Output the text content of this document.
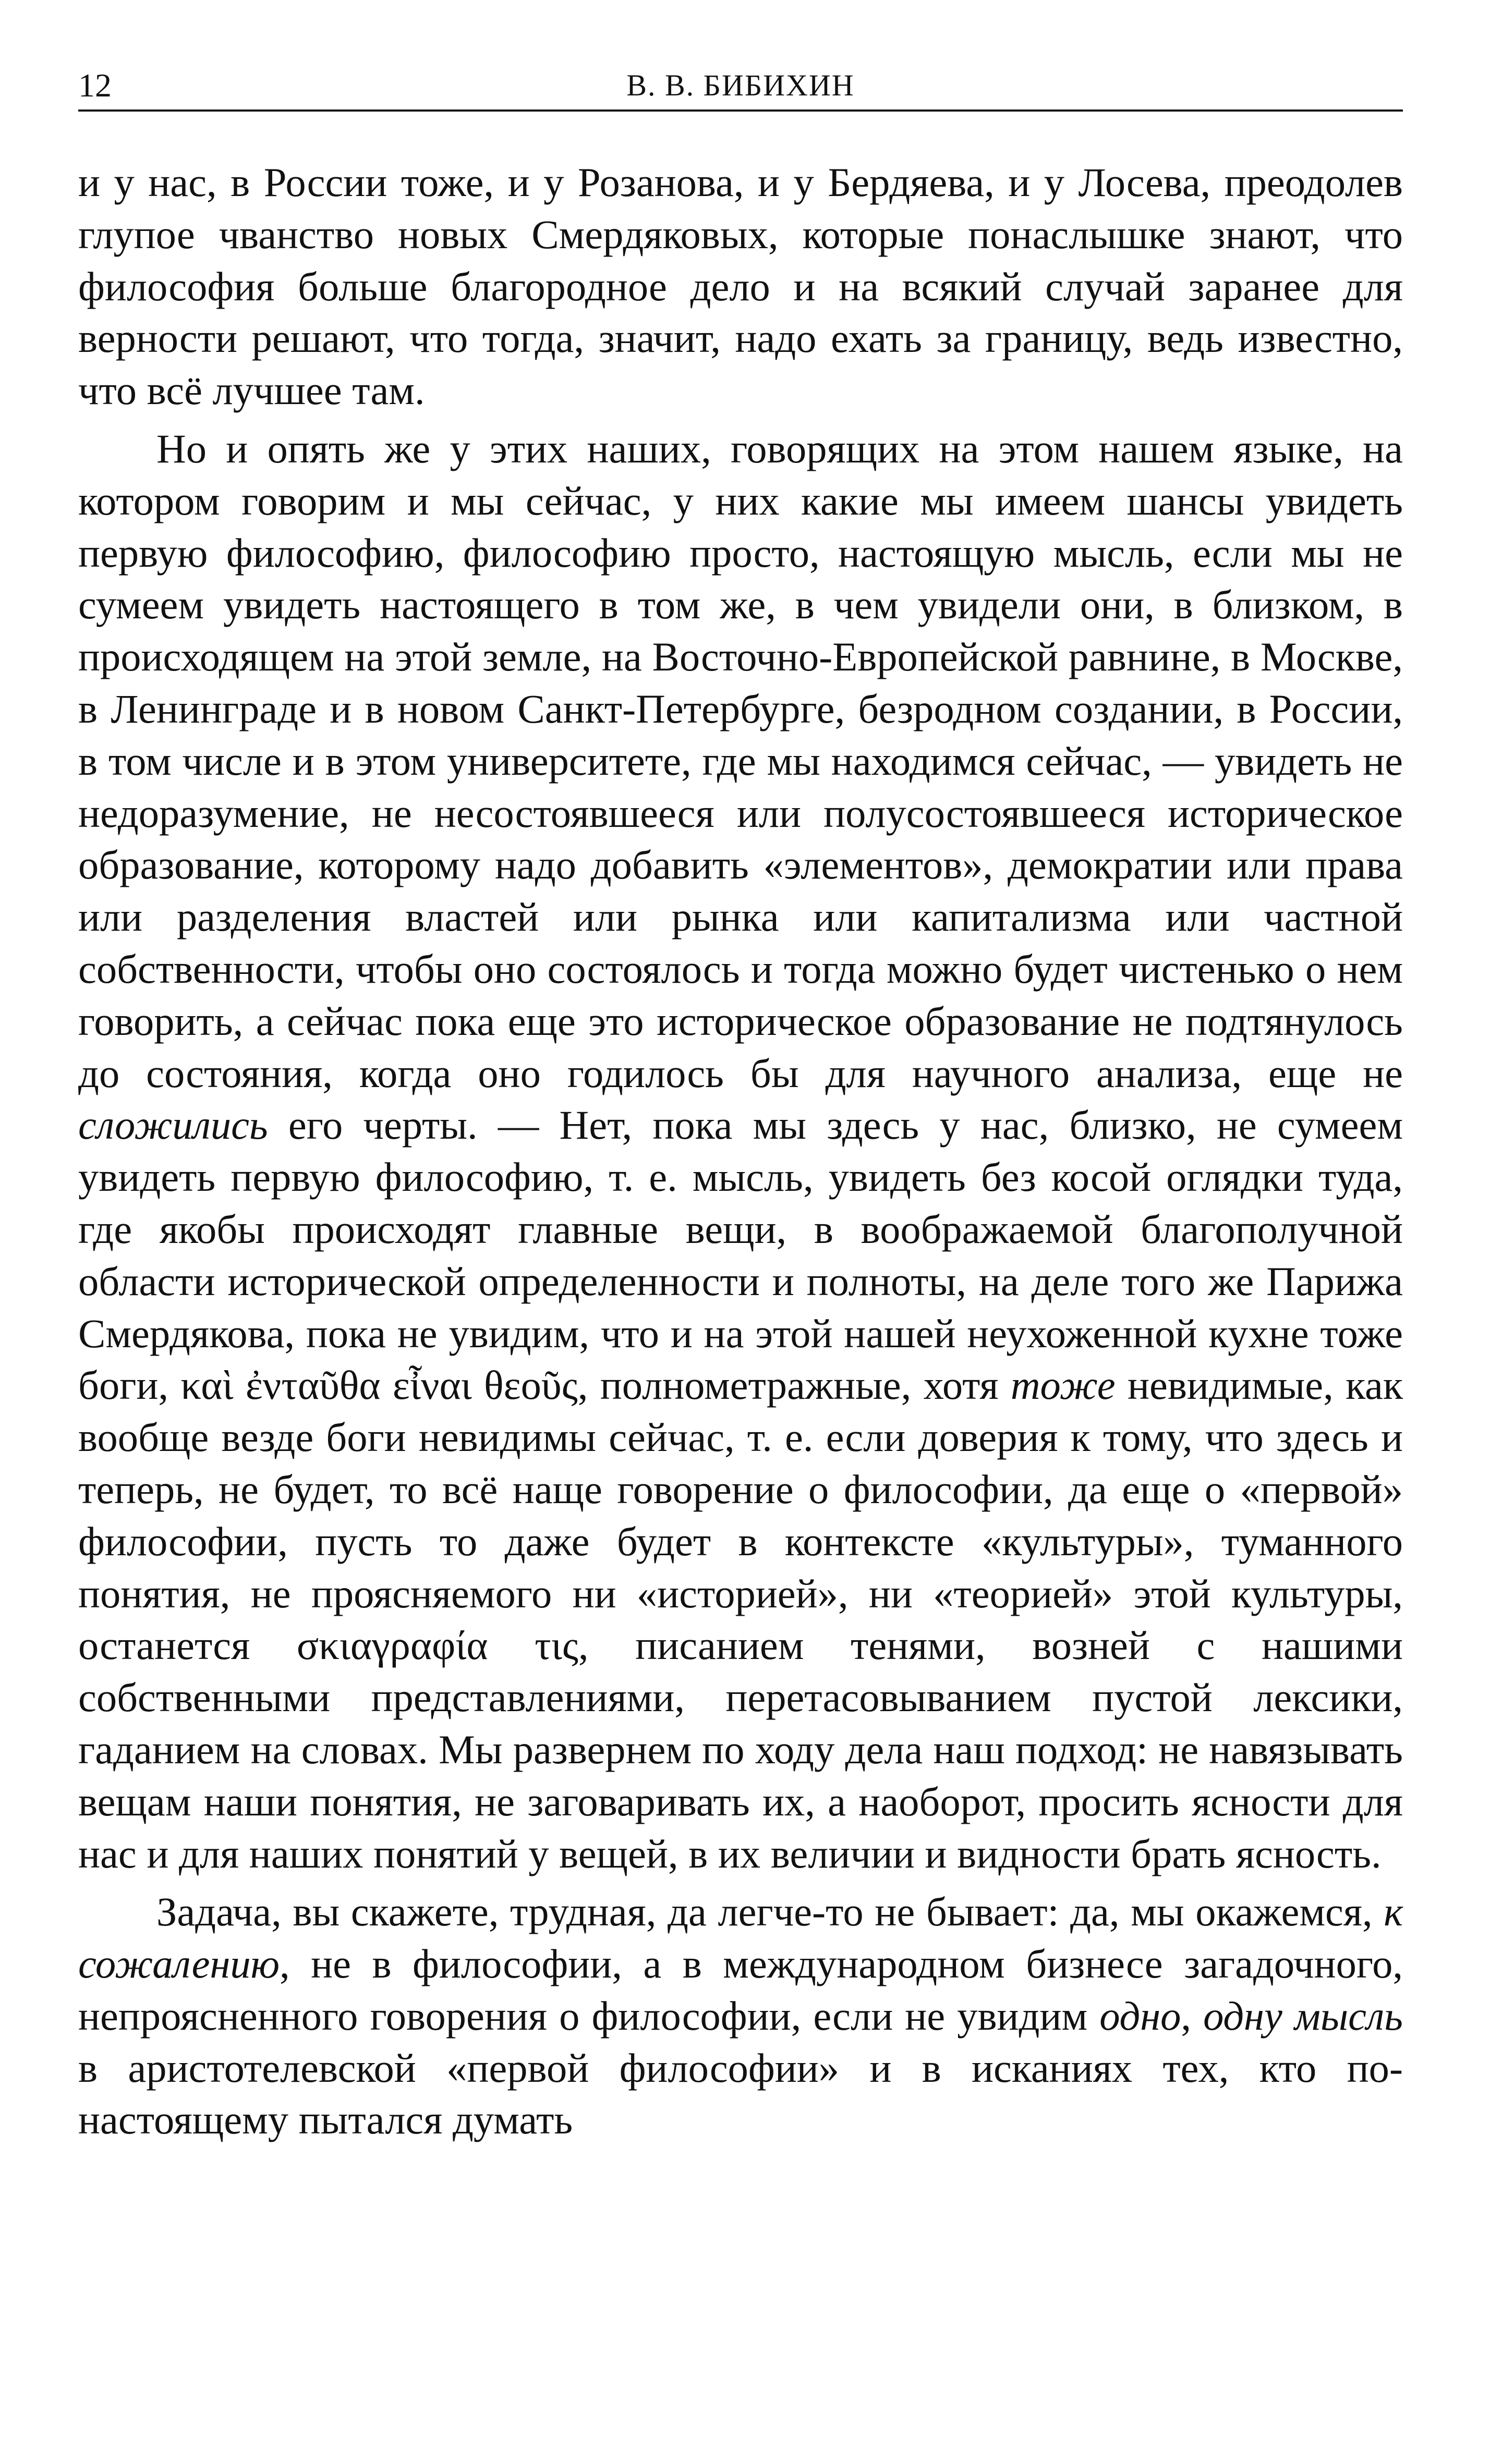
12	В. В. БИБИХИН

и у нас, в России тоже, и у Розанова, и у Бердяева, и у Лосева, преодолев глупое чванство новых Смердяковых, которые понаслышке знают, что философия больше благородное дело и на всякий случай заранее для верности решают, что тогда, значит, надо ехать за границу, ведь известно, что всё лучшее там.

Но и опять же у этих наших, говорящих на этом нашем языке, на котором говорим и мы сейчас, у них какие мы имеем шансы увидеть первую философию, философию просто, настоящую мысль, если мы не сумеем увидеть настоящего в том же, в чем увидели они, в близком, в происходящем на этой земле, на Восточно-Европейской равнине, в Москве, в Ленинграде и в новом Санкт-Петербурге, безродном создании, в России, в том числе и в этом университете, где мы находимся сейчас, — увидеть не недоразумение, не несостоявшееся или полусостоявшееся историческое образование, которому надо добавить «элементов», демократии или права или разделения властей или рынка или капитализма или частной собственности, чтобы оно состоялось и тогда можно будет чистенько о нем говорить, а сейчас пока еще это историческое образование не подтянулось до состояния, когда оно годилось бы для научного анализа, еще не сложились его черты. — Нет, пока мы здесь у нас, близко, не сумеем увидеть первую философию, т. е. мысль, увидеть без косой оглядки туда, где якобы происходят главные вещи, в воображаемой благополучной области исторической определенности и полноты, на деле того же Парижа Смердякова, пока не увидим, что и на этой нашей неухоженной кухне тоже боги, καὶ ἐνταῦθα εἶναι θεοῦς, полнометражные, хотя тоже невидимые, как вообще везде боги невидимы сейчас, т. е. если доверия к тому, что здесь и теперь, не будет, то всё наще говорение о философии, да еще о «первой» философии, пусть то даже будет в контексте «культуры», туманного понятия, не проясняемого ни «историей», ни «теорией» этой культуры, останется σκιαγραφία τις, писанием тенями, возней с нашими собственными представлениями, перетасовыванием пустой лексики, гаданием на словах. Мы развернем по ходу дела наш подход: не навязывать вещам наши понятия, не заговаривать их, а наоборот, просить ясности для нас и для наших понятий у вещей, в их величии и видности брать ясность.

Задача, вы скажете, трудная, да легче-то не бывает: да, мы окажемся, к сожалению, не в философии, а в международном бизнесе загадочного, непроясненного говорения о философии, если не увидим одно, одну мысль в аристотелевской «первой философии» и в исканиях тех, кто по-настоящему пытался думать
